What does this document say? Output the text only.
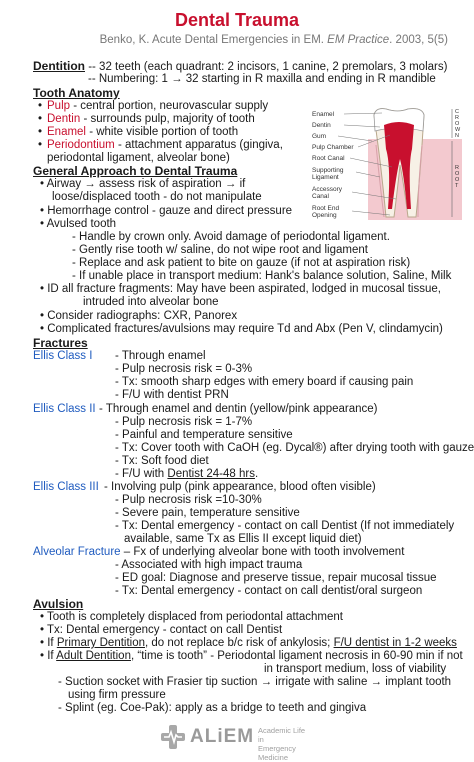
Dental Trauma
Benko, K. Acute Dental Emergencies in EM. EM Practice. 2003, 5(5)
Dentition -- 32 teeth (each quadrant: 2 incisors, 1 canine, 2 premolars, 3 molars)
-- Numbering: 1 → 32 starting in R maxilla and ending in R mandible
Tooth Anatomy
• Pulp - central portion, neurovascular supply
• Dentin - surrounds pulp, majority of tooth
• Enamel - white visible portion of tooth
• Periodontium - attachment apparatus (gingiva,
periodontal ligament, alveolar bone)
Enamel
Dentin
Gum
Pulp Chamber
Root Canal
Supporting
Ligament
Accessory
Canal
Root End
Opening
CROWN
ROOT
General Approach to Dental Trauma
• Airway → assess risk of aspiration → if
loose/displaced tooth - do not manipulate
• Hemorrhage control - gauze and direct pressure
• Avulsed tooth
- Handle by crown only. Avoid damage of periodontal ligament.
- Gently rise tooth w/ saline, do not wipe root and ligament
- Replace and ask patient to bite on gauze (if not at aspiration risk)
- If unable place in transport medium: Hank's balance solution, Saline, Milk
• ID all fracture fragments: May have been aspirated, lodged in mucosal tissue,
intruded into alveolar bone
• Consider radiographs: CXR, Panorex
• Complicated fractures/avulsions may require Td and Abx (Pen V, clindamycin)
Fractures
Ellis Class I - Through enamel
- Pulp necrosis risk = 0-3%
- Tx: smooth sharp edges with emery board if causing pain
- F/U with dentist PRN
Ellis Class II - Through enamel and dentin (yellow/pink appearance)
- Pulp necrosis risk = 1-7%
- Painful and temperature sensitive
- Tx: Cover tooth with CaOH (eg. Dycal®) after drying tooth with gauze
- Tx: Soft food diet
- F/U with Dentist 24-48 hrs.
Ellis Class III - Involving pulp (pink appearance, blood often visible)
- Pulp necrosis risk =10-30%
- Severe pain, temperature sensitive
- Tx: Dental emergency - contact on call Dentist (If not immediately
available, same Tx as Ellis II except liquid diet)
Alveolar Fracture – Fx of underlying alveolar bone with tooth involvement
- Associated with high impact trauma
- ED goal: Diagnose and preserve tissue, repair mucosal tissue
- Tx: Dental emergency - contact on call dentist/oral surgeon
Avulsion
• Tooth is completely displaced from periodontal attachment
• Tx: Dental emergency - contact on call Dentist
• If Primary Dentition, do not replace b/c risk of ankylosis; F/U dentist in 1-2 weeks
• If Adult Dentition, “time is tooth” - Periodontal ligament necrosis in 60-90 min if not
in transport medium, loss of viability
- Suction socket with Frasier tip suction → irrigate with saline → implant tooth
using firm pressure
- Splint (eg. Coe-Pak): apply as a bridge to teeth and gingiva
ALiEM Academic Life in
Emergency Medicine
